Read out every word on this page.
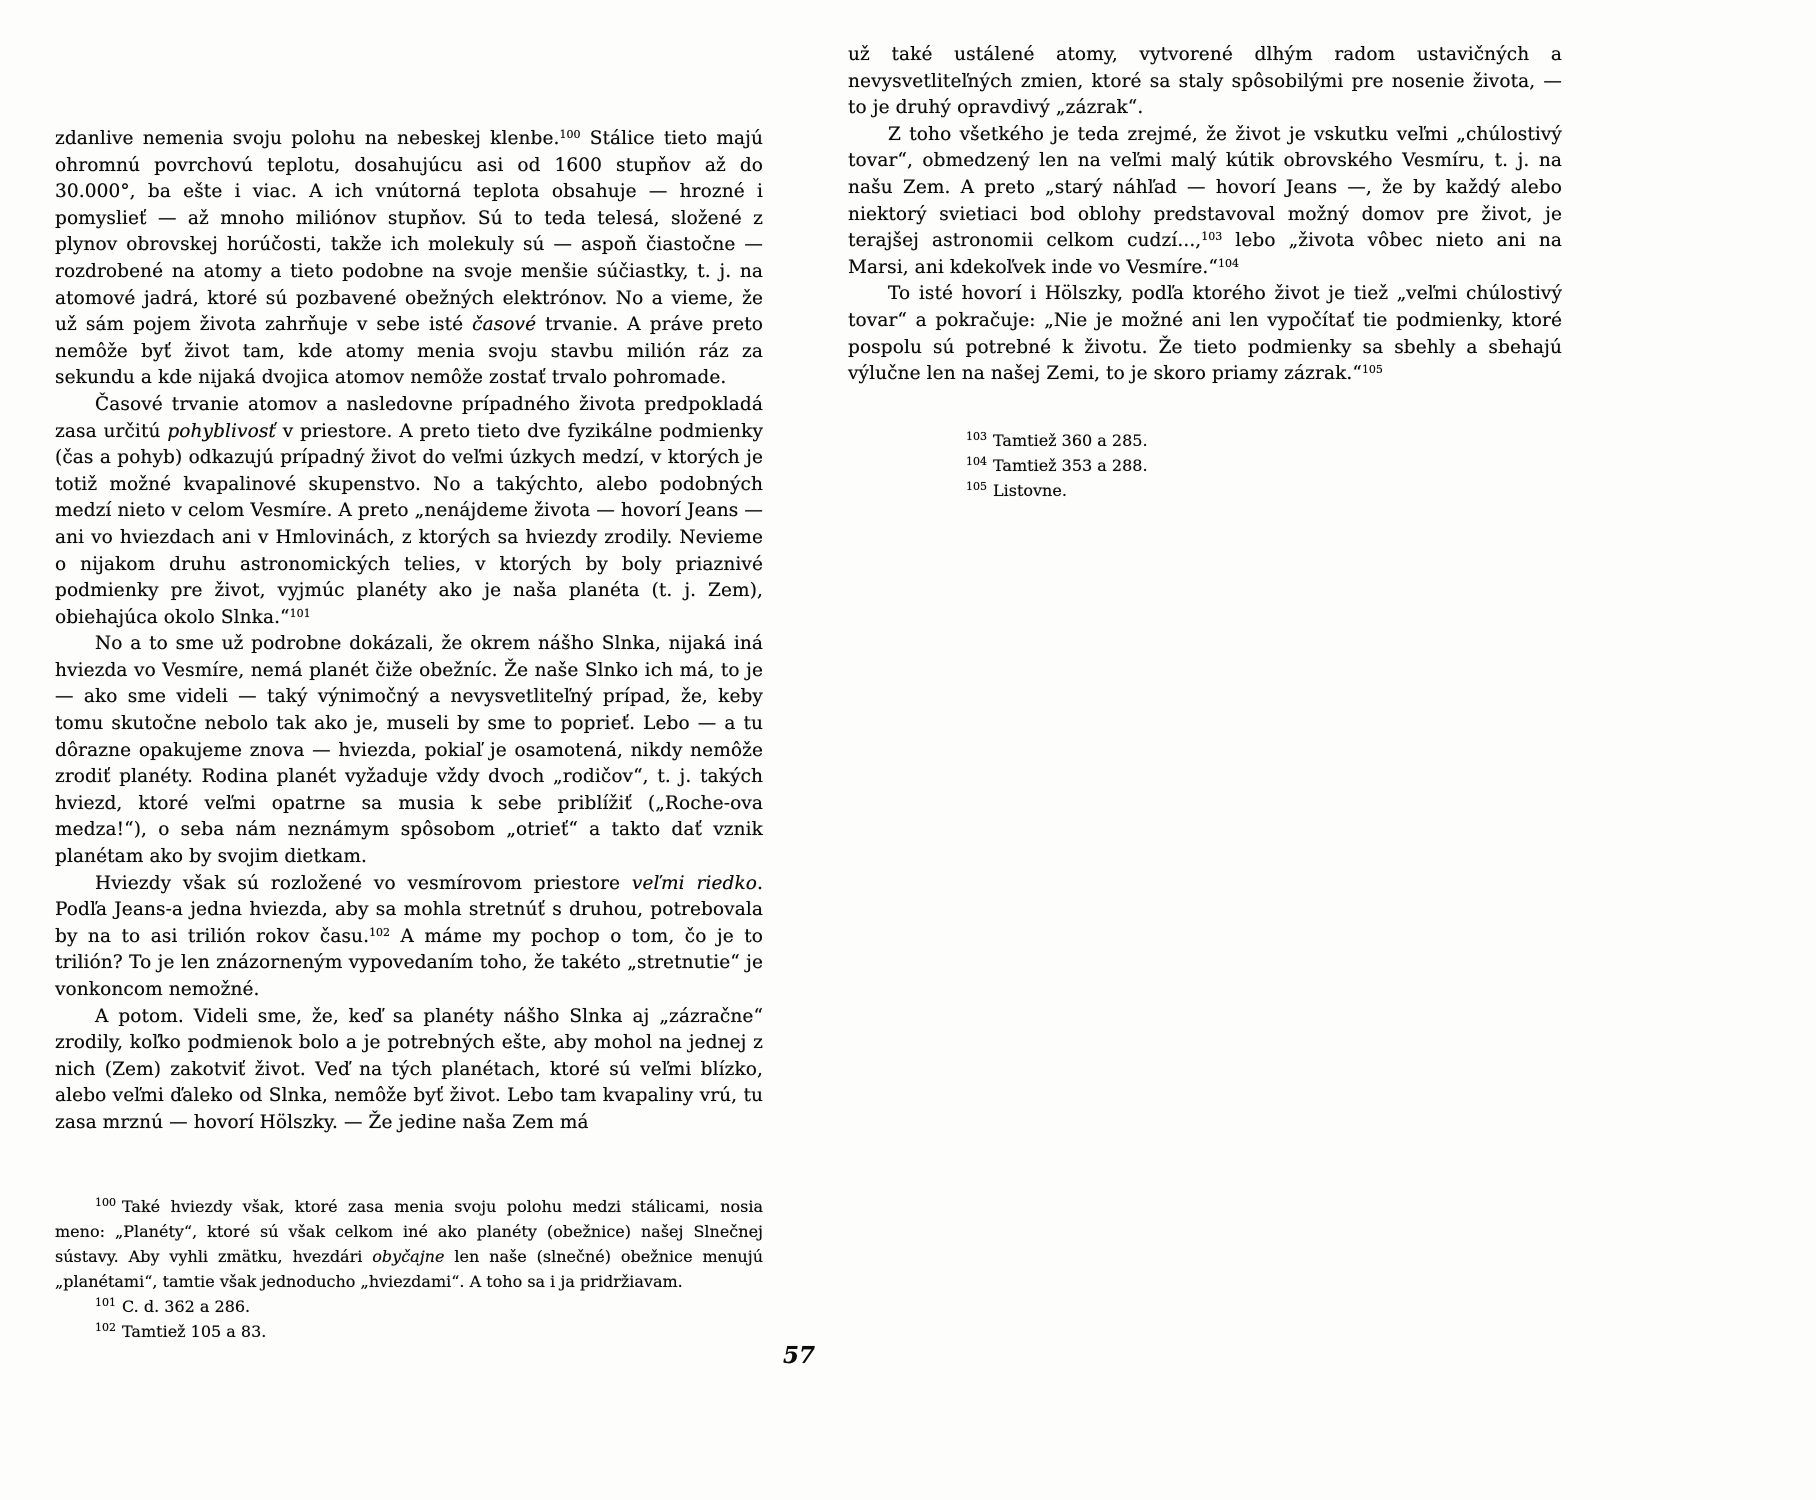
zdanlive nemenia svoju polohu na nebeskej klenbe.$^{100}$ Stálice tieto majú ohromnú povrchovú teplotu, dosahujúcu asi od 1600 stupňov až do 30.000°, ba ešte i viac. A ich vnútorná teplota obsahuje — hrozné i pomyslieť — až mnoho miliónov stupňov. Sú to teda telesá, složené z plynov obrovskej horúčosti, takže ich molekuly sú — aspoň čiastočne — rozdrobené na atomy a tieto podobne na svoje menšie súčiastky, t. j. na atomové jadrá, ktoré sú pozbavené obežných elektrónov. No a vieme, že už sám pojem života zahrňuje v sebe isté časové trvanie. A práve preto nemôže byť život tam, kde atomy menia svoju stavbu milión ráz za sekundu a kde nijaká dvojica atomov nemôže zostať trvalo pohromade.

Časové trvanie atomov a nasledovne prípadného života predpokladá zasa určitú pohyblivosť v priestore. A preto tieto dve fyzikálne podmienky (čas a pohyb) odkazujú prípadný život do veľmi úzkych medzí, v ktorých je totiž možné kvapalinové skupenstvo. No a takýchto, alebo podobných medzí nieto v celom Vesmíre. A preto „nenájdeme života — hovorí Jeans — ani vo hviezdach ani v Hmlovinách, z ktorých sa hviezdy zrodily. Nevieme o nijakom druhu astronomických telies, v ktorých by boly priaznivé podmienky pre život, vyjmúc planéty ako je naša planéta (t. j. Zem), obiehajúca okolo Slnka.“$^{101}$

No a to sme už podrobne dokázali, že okrem nášho Slnka, nijaká iná hviezda vo Vesmíre, nemá planét čiže obežníc. Že naše Slnko ich má, to je — ako sme videli — taký výnimočný a nevysvetliteľný prípad, že, keby tomu skutočne nebolo tak ako je, museli by sme to poprieť. Lebo — a tu dôrazne opakujeme znova — hviezda, pokiaľ je osamotená, nikdy nemôže zrodiť planéty. Rodina planét vyžaduje vždy dvoch „rodičov“, t. j. takých hviezd, ktoré veľmi opatrne sa musia k sebe priblížiť („Roche-ova medza!“), o seba nám neznámym spôsobom „otrieť“ a takto dať vznik planétam ako by svojim dietkam.

Hviezdy však sú rozložené vo vesmírovom priestore veľmi riedko. Podľa Jeans-a jedna hviezda, aby sa mohla stretnúť s druhou, potrebovala by na to asi trilión rokov času.$^{102}$ A máme my pochop o tom, čo je to trilión? To je len znázorneným vypovedaním toho, že takéto „stretnutie“ je vonkoncom nemožné.

A potom. Videli sme, že, keď sa planéty nášho Slnka aj „zázračne“ zrodily, koľko podmienok bolo a je potrebných ešte, aby mohol na jednej z nich (Zem) zakotviť život. Veď na tých planétach, ktoré sú veľmi blízko, alebo veľmi ďaleko od Slnka, nemôže byť život. Lebo tam kvapaliny vrú, tu zasa mrznú — hovorí Hölszky. — Že jedine naša Zem má

$^{100}$ Také hviezdy však, ktoré zasa menia svoju polohu medzi stálicami, nosia meno: „Planéty“, ktoré sú však celkom iné ako planéty (obežnice) našej Slnečnej sústavy. Aby vyhli zmätku, hvezdári obyčajne len naše (slnečné) obežnice menujú „planétami“, tamtie však jednoducho „hviezdami“. A toho sa i ja pridržiavam.

$^{101}$ C. d. 362 a 286.

$^{102}$ Tamtiež 105 a 83.

57

už také ustálené atomy, vytvorené dlhým radom ustavičných a nevysvetliteľných zmien, ktoré sa staly spôsobilými pre nosenie života, — to je druhý opravdivý „zázrak“.

Z toho všetkého je teda zrejmé, že život je vskutku veľmi „chúlostivý tovar“, obmedzený len na veľmi malý kútik obrovského Vesmíru, t. j. na našu Zem. A preto „starý náhľad — hovorí Jeans —, že by každý alebo niektorý svietiaci bod oblohy predstavoval možný domov pre život, je terajšej astronomii celkom cudzí...,$^{103}$ lebo „života vôbec nieto ani na Marsi, ani kdekoľvek inde vo Vesmíre.“$^{104}$

To isté hovorí i Hölszky, podľa ktorého život je tiež „veľmi chúlostivý tovar“ a pokračuje: „Nie je možné ani len vypočítať tie podmienky, ktoré pospolu sú potrebné k životu. Že tieto podmienky sa sbehly a sbehajú výlučne len na našej Zemi, to je skoro priamy zázrak.“$^{105}$

$^{103}$ Tamtiež 360 a 285.

$^{104}$ Tamtiež 353 a 288.

$^{105}$ Listovne.
